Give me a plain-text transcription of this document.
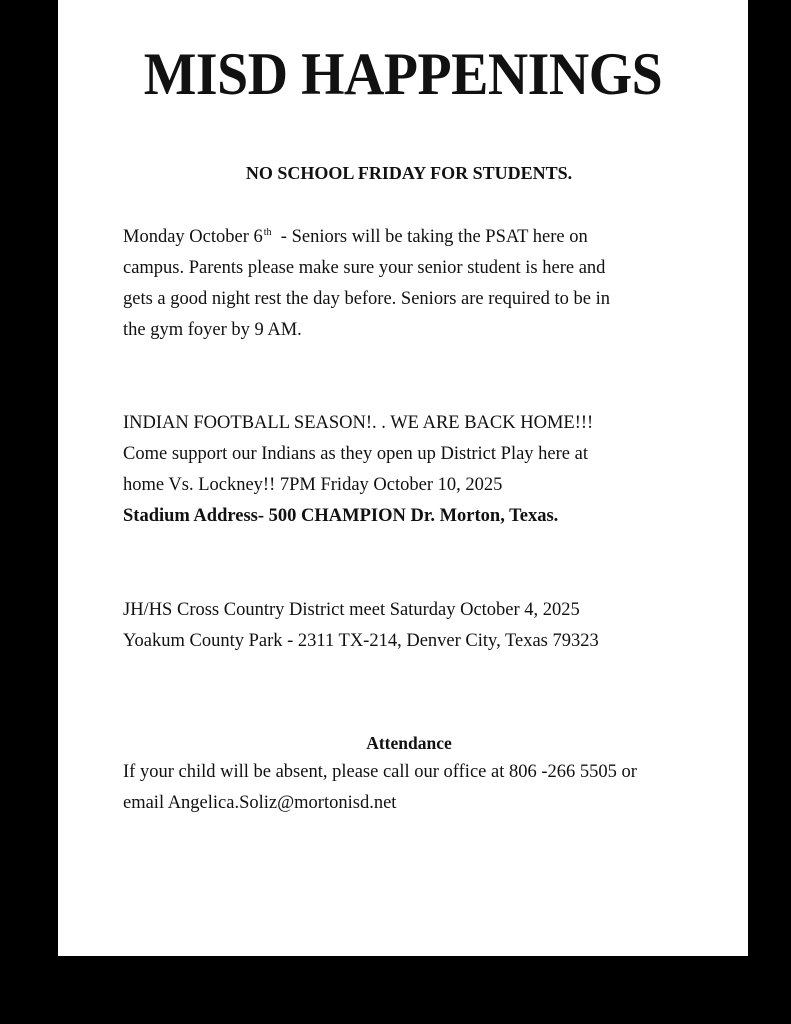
MISD HAPPENINGS
NO SCHOOL FRIDAY FOR STUDENTS.
Monday October 6th  - Seniors will be taking the PSAT here on
campus. Parents please make sure your senior student is here and
gets a good night rest the day before. Seniors are required to be in
the gym foyer by 9 AM.
INDIAN FOOTBALL SEASON!. . WE ARE BACK HOME!!!
Come support our Indians as they open up District Play here at
home Vs. Lockney!! 7PM Friday October 10, 2025
Stadium Address- 500 CHAMPION Dr. Morton, Texas.
JH/HS Cross Country District meet Saturday October 4, 2025
Yoakum County Park - 2311 TX-214, Denver City, Texas 79323
Attendance
If your child will be absent, please call our office at 806 -266 5505 or
email Angelica.Soliz@mortonisd.net
